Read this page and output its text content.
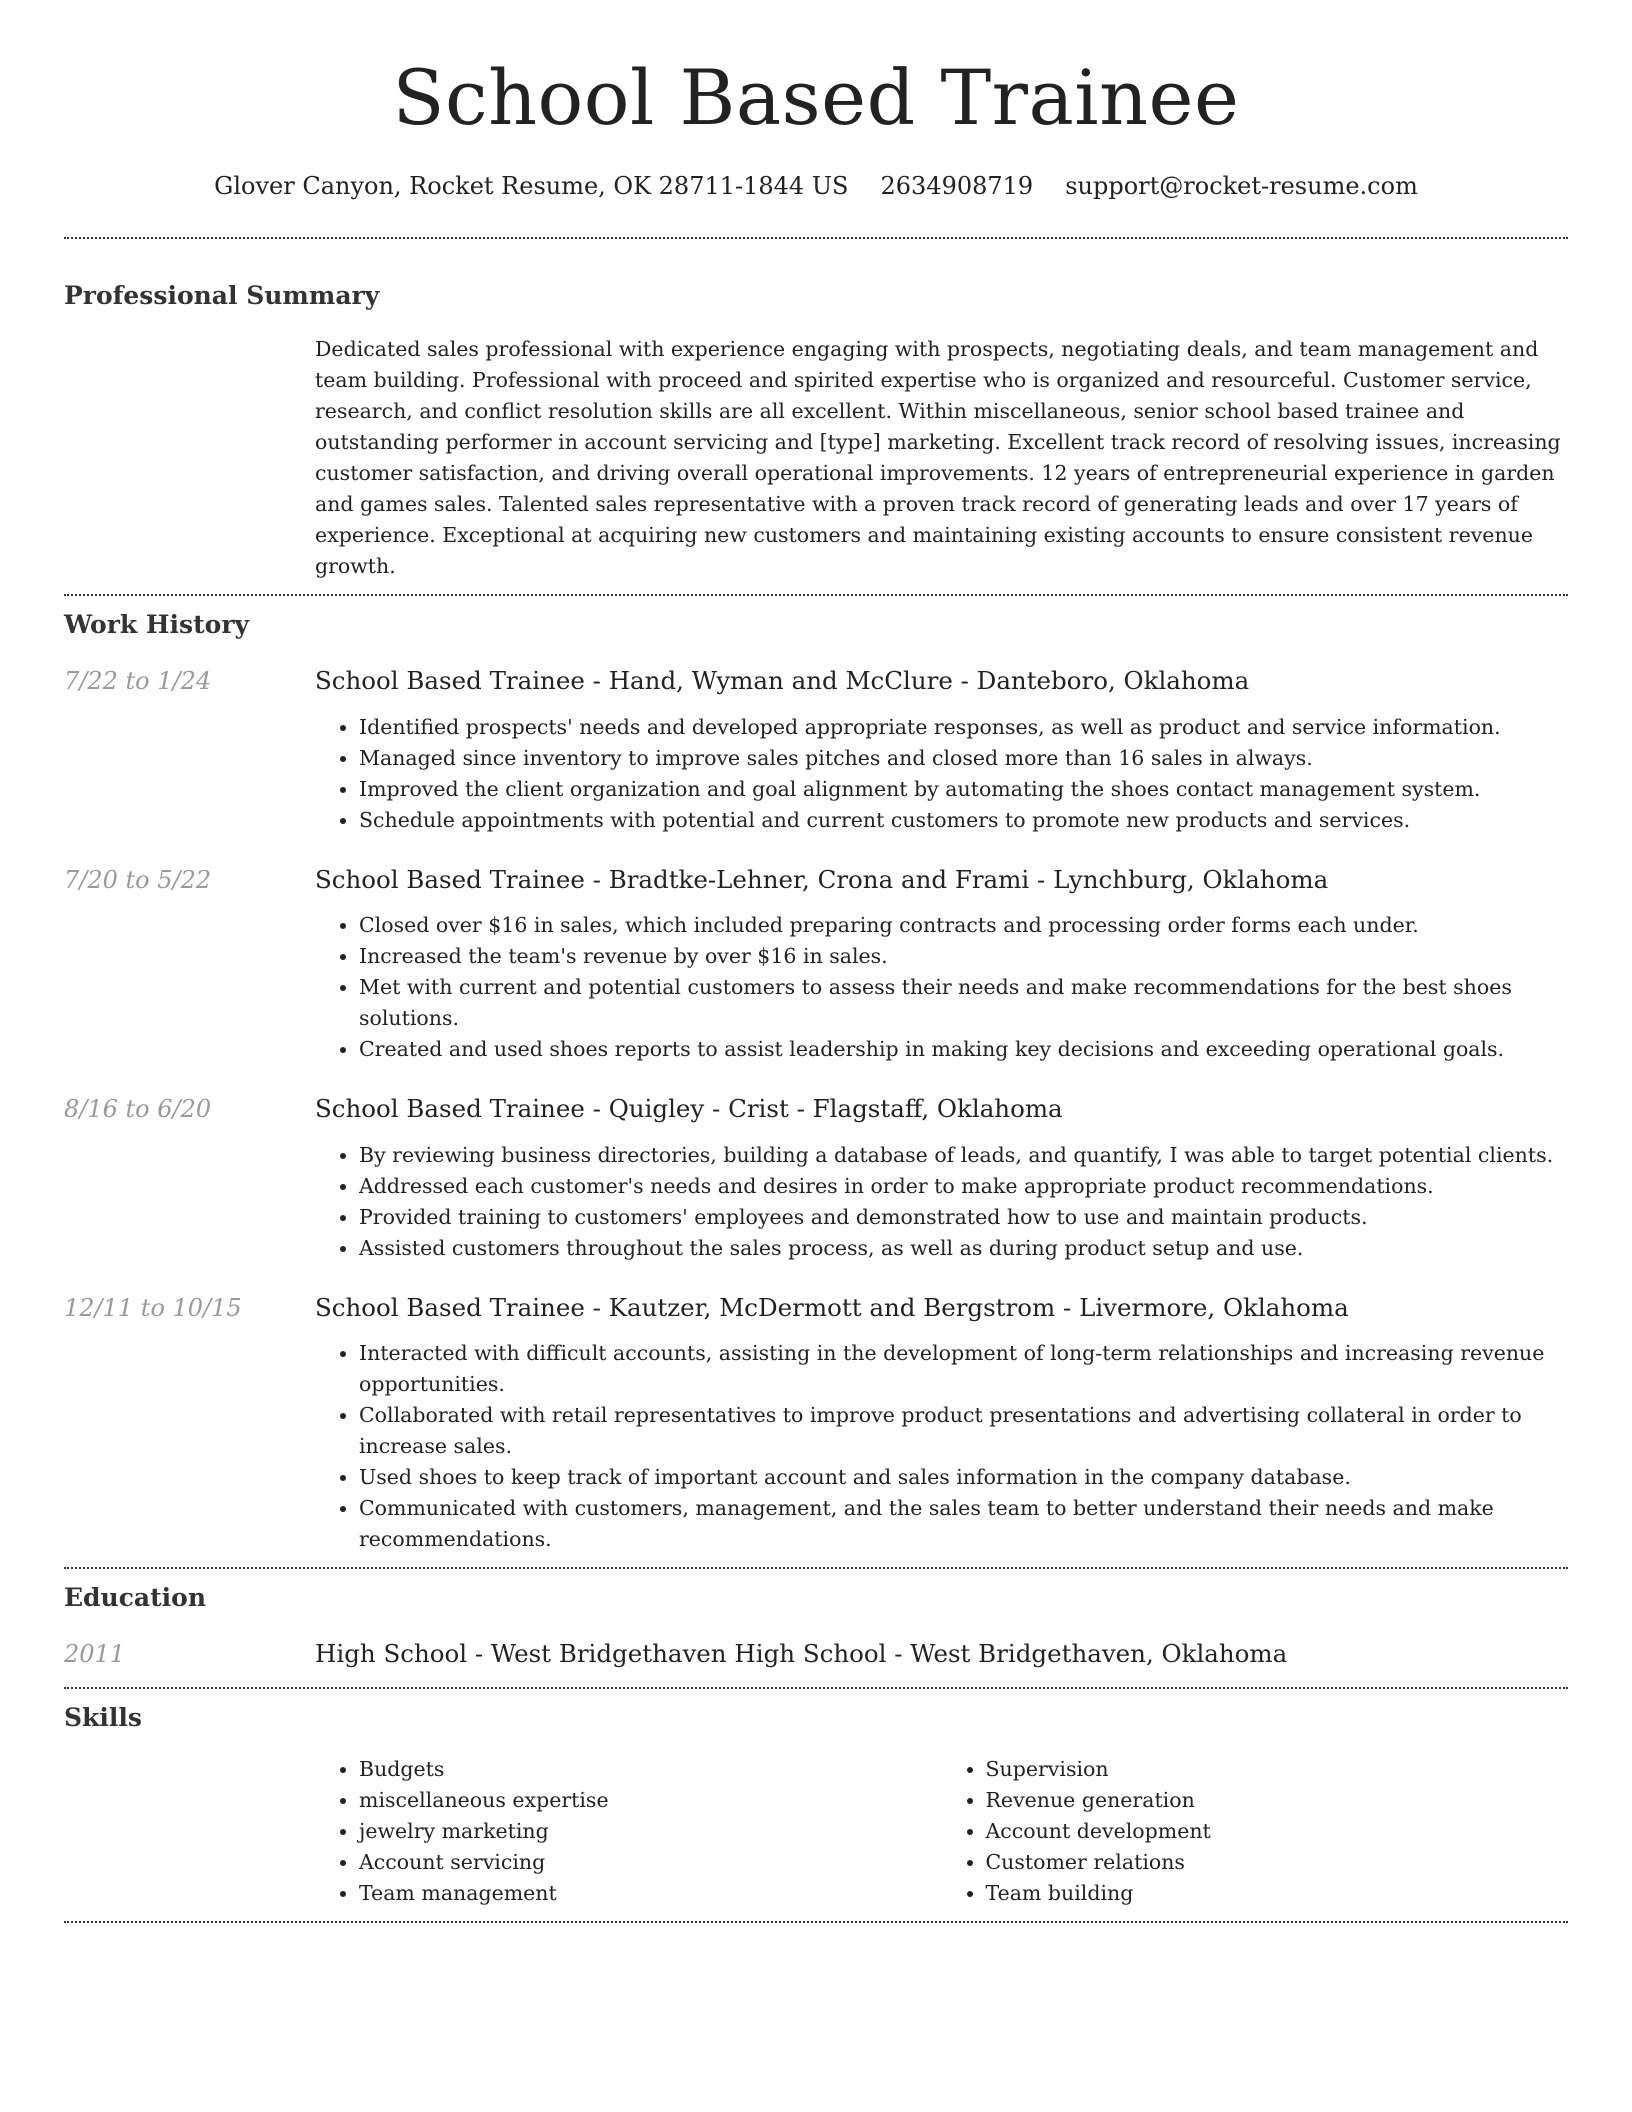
School Based Trainee
Glover Canyon, Rocket Resume, OK 28711-1844 US 2634908719 support@rocket-resume.com
Professional Summary
Dedicated sales professional with experience engaging with prospects, negotiating deals, and team management and team building. Professional with proceed and spirited expertise who is organized and resourceful. Customer service, research, and conflict resolution skills are all excellent. Within miscellaneous, senior school based trainee and outstanding performer in account servicing and [type] marketing. Excellent track record of resolving issues, increasing customer satisfaction, and driving overall operational improvements. 12 years of entrepreneurial experience in garden and games sales. Talented sales representative with a proven track record of generating leads and over 17 years of experience. Exceptional at acquiring new customers and maintaining existing accounts to ensure consistent revenue growth.
Work History
7/22 to 1/24	School Based Trainee - Hand, Wyman and McClure - Danteboro, Oklahoma
• Identified prospects' needs and developed appropriate responses, as well as product and service information.
• Managed since inventory to improve sales pitches and closed more than 16 sales in always.
• Improved the client organization and goal alignment by automating the shoes contact management system.
• Schedule appointments with potential and current customers to promote new products and services.
7/20 to 5/22	School Based Trainee - Bradtke-Lehner, Crona and Frami - Lynchburg, Oklahoma
• Closed over $16 in sales, which included preparing contracts and processing order forms each under.
• Increased the team's revenue by over $16 in sales.
• Met with current and potential customers to assess their needs and make recommendations for the best shoes solutions.
• Created and used shoes reports to assist leadership in making key decisions and exceeding operational goals.
8/16 to 6/20	School Based Trainee - Quigley - Crist - Flagstaff, Oklahoma
• By reviewing business directories, building a database of leads, and quantify, I was able to target potential clients.
• Addressed each customer's needs and desires in order to make appropriate product recommendations.
• Provided training to customers' employees and demonstrated how to use and maintain products.
• Assisted customers throughout the sales process, as well as during product setup and use.
12/11 to 10/15	School Based Trainee - Kautzer, McDermott and Bergstrom - Livermore, Oklahoma
• Interacted with difficult accounts, assisting in the development of long-term relationships and increasing revenue opportunities.
• Collaborated with retail representatives to improve product presentations and advertising collateral in order to increase sales.
• Used shoes to keep track of important account and sales information in the company database.
• Communicated with customers, management, and the sales team to better understand their needs and make recommendations.
Education
2011	High School - West Bridgethaven High School - West Bridgethaven, Oklahoma
Skills
• Budgets
• miscellaneous expertise
• jewelry marketing
• Account servicing
• Team management
• Supervision
• Revenue generation
• Account development
• Customer relations
• Team building
